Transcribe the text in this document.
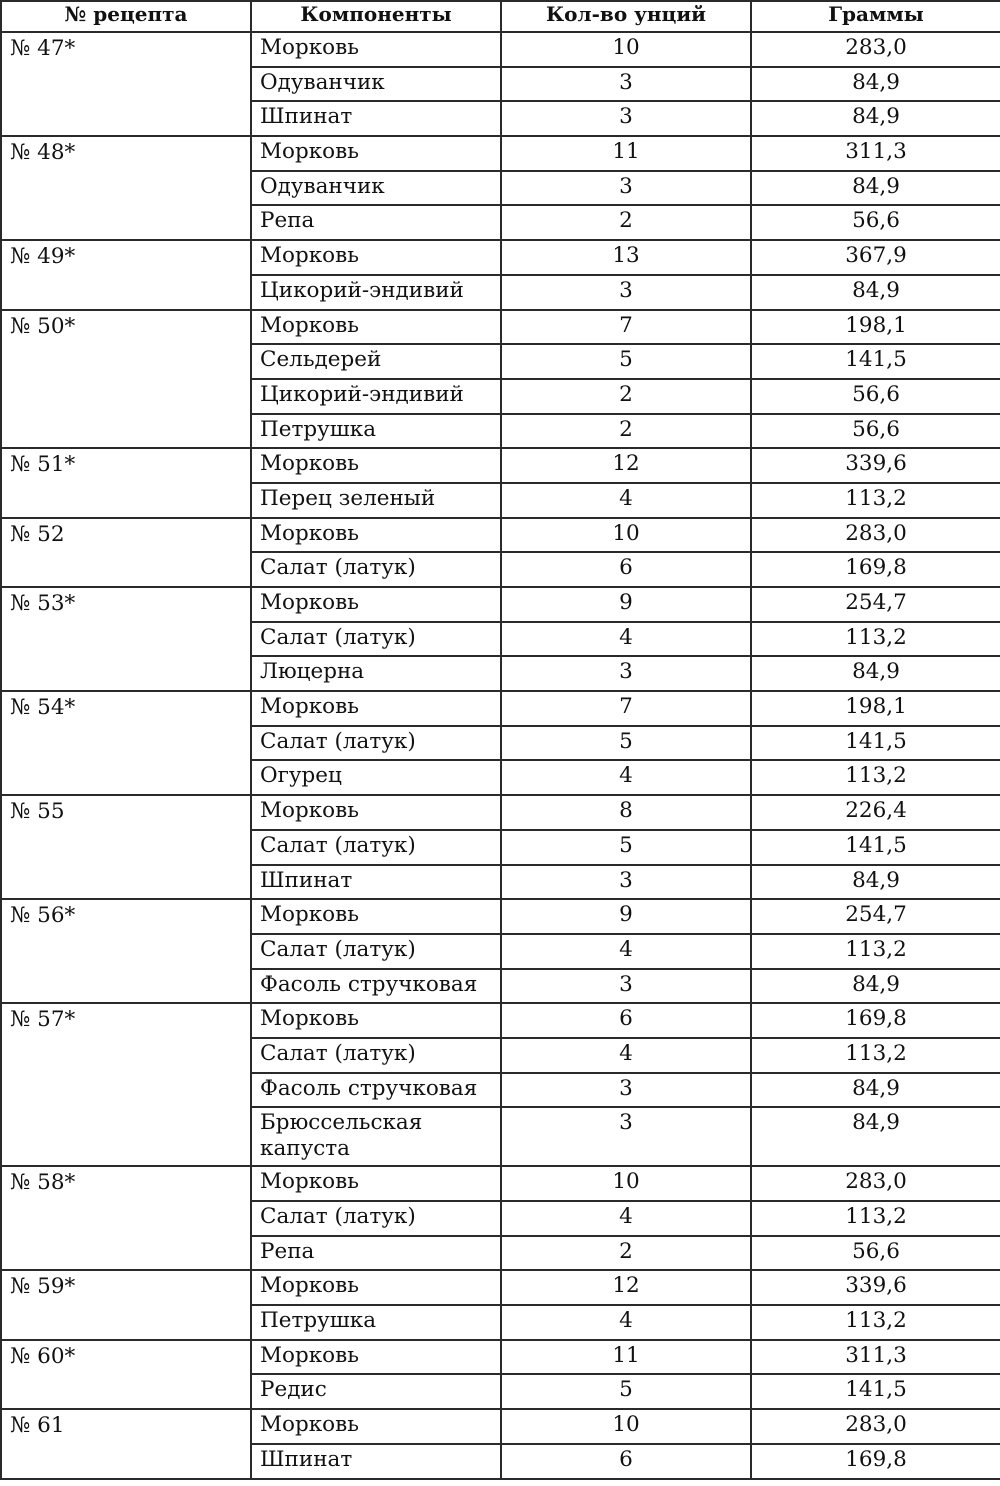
№ рецепта	Компоненты	Кол-во унций	Граммы
№ 47*	Морковь	10	283,0
	Одуванчик	3	84,9
	Шпинат	3	84,9
№ 48*	Морковь	11	311,3
	Одуванчик	3	84,9
	Репа	2	56,6
№ 49*	Морковь	13	367,9
	Цикорий-эндивий	3	84,9
№ 50*	Морковь	7	198,1
	Сельдерей	5	141,5
	Цикорий-эндивий	2	56,6
	Петрушка	2	56,6
№ 51*	Морковь	12	339,6
	Перец зеленый	4	113,2
№ 52	Морковь	10	283,0
	Салат (латук)	6	169,8
№ 53*	Морковь	9	254,7
	Салат (латук)	4	113,2
	Люцерна	3	84,9
№ 54*	Морковь	7	198,1
	Салат (латук)	5	141,5
	Огурец	4	113,2
№ 55	Морковь	8	226,4
	Салат (латук)	5	141,5
	Шпинат	3	84,9
№ 56*	Морковь	9	254,7
	Салат (латук)	4	113,2
	Фасоль стручковая	3	84,9
№ 57*	Морковь	6	169,8
	Салат (латук)	4	113,2
	Фасоль стручковая	3	84,9
	Брюссельская капуста	3	84,9
№ 58*	Морковь	10	283,0
	Салат (латук)	4	113,2
	Репа	2	56,6
№ 59*	Морковь	12	339,6
	Петрушка	4	113,2
№ 60*	Морковь	11	311,3
	Редис	5	141,5
№ 61	Морковь	10	283,0
	Шпинат	6	169,8
